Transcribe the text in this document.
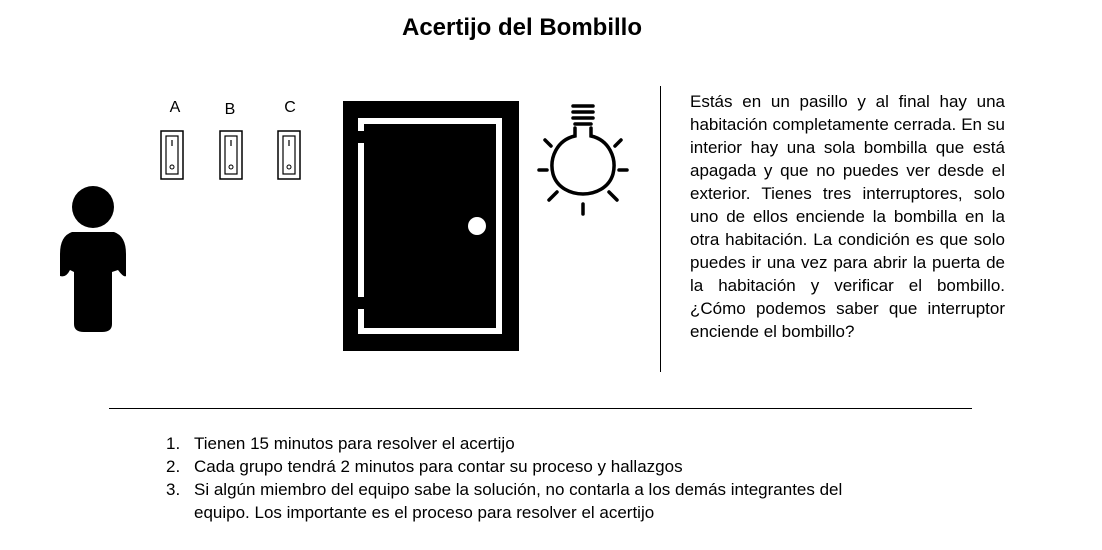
Acertijo del Bombillo
A	B	C	Estás en un pasillo y al final hay una habitación completamente cerrada. En su interior hay una sola bombilla que está apagada y que no puedes ver desde el exterior. Tienes tres interruptores, solo uno de ellos enciende la bombilla en la otra habitación. La condición es que solo puedes ir una vez para abrir la puerta de la habitación y verificar el bombillo. ¿Cómo podemos saber que interruptor enciende el bombillo?
1. Tienen 15 minutos para resolver el acertijo
2. Cada grupo tendrá 2 minutos para contar su proceso y hallazgos
3. Si algún miembro del equipo sabe la solución, no contarla a los demás integrantes del equipo. Los importante es el proceso para resolver el acertijo
